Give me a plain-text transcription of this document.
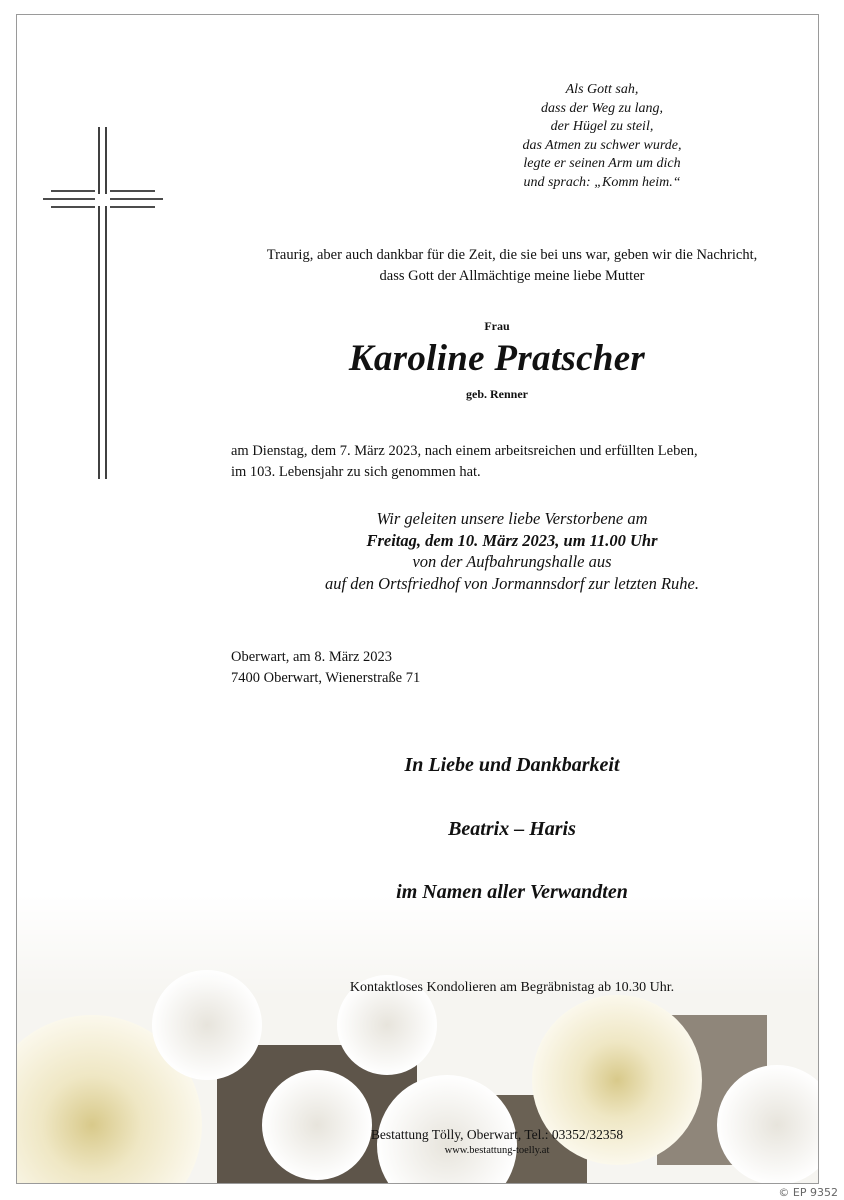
Als Gott sah,
dass der Weg zu lang,
der Hügel zu steil,
das Atmen zu schwer wurde,
legte er seinen Arm um dich
und sprach: „Komm heim.“
Traurig, aber auch dankbar für die Zeit, die sie bei uns war, geben wir die Nachricht,
dass Gott der Allmächtige meine liebe Mutter
Frau
Karoline Pratscher
geb. Renner
am Dienstag, dem 7. März 2023, nach einem arbeitsreichen und erfüllten Leben,
im 103. Lebensjahr zu sich genommen hat.
Wir geleiten unsere liebe Verstorbene am
Freitag, dem 10. März 2023, um 11.00 Uhr
von der Aufbahrungshalle aus
auf den Ortsfriedhof von Jormannsdorf zur letzten Ruhe.
Oberwart, am 8. März 2023
7400 Oberwart, Wienerstraße 71
In Liebe und Dankbarkeit
Beatrix – Haris
im Namen aller Verwandten
Kontaktloses Kondolieren am Begräbnistag ab 10.30 Uhr.
Bestattung Tölly, Oberwart, Tel.: 03352/32358
www.bestattung-toelly.at
© EP 9352
